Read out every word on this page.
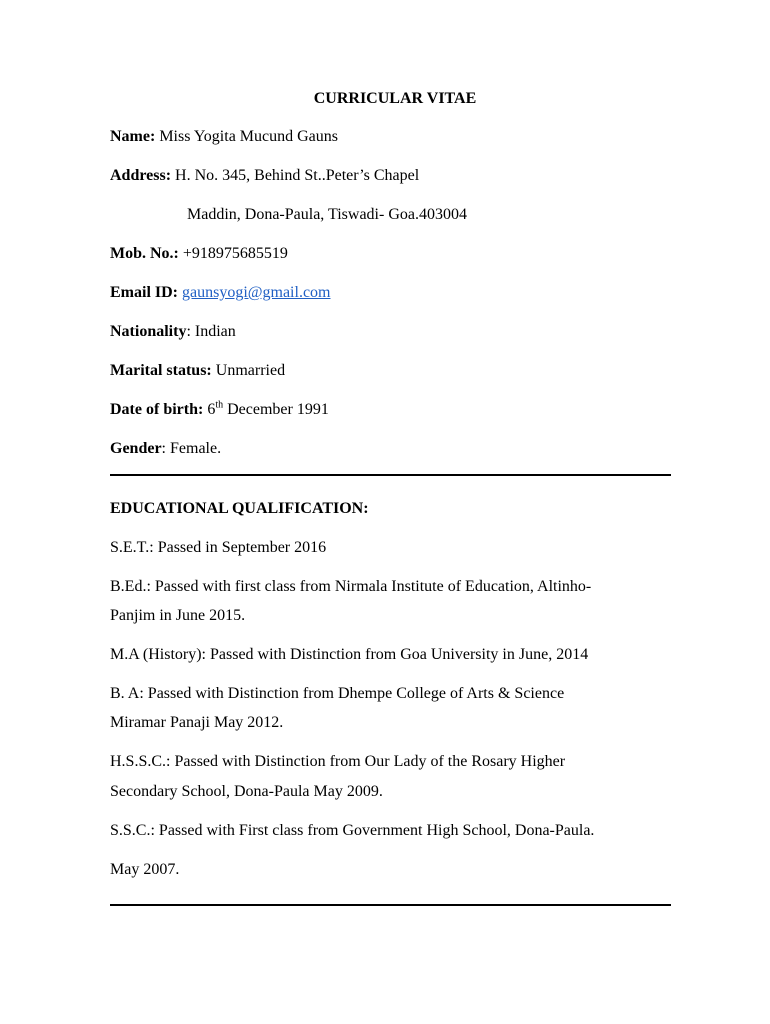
CURRICULAR VITAE
Name: Miss Yogita Mucund Gauns
Address: H. No. 345, Behind St..Peter’s Chapel
Maddin, Dona-Paula, Tiswadi- Goa.403004
Mob. No.: +918975685519
Email ID: gaunsyogi@gmail.com
Nationality: Indian
Marital status: Unmarried
Date of birth: 6th December 1991
Gender: Female.
EDUCATIONAL QUALIFICATION:
S.E.T.: Passed in September 2016
B.Ed.: Passed with first class from Nirmala Institute of Education, Altinho-
Panjim in June 2015.
M.A (History): Passed with Distinction from Goa University in June, 2014
B. A: Passed with Distinction from Dhempe College of Arts & Science
Miramar Panaji May 2012.
H.S.S.C.: Passed with Distinction from Our Lady of the Rosary Higher
Secondary School, Dona-Paula May 2009.
S.S.C.: Passed with First class from Government High School, Dona-Paula.
May 2007.
